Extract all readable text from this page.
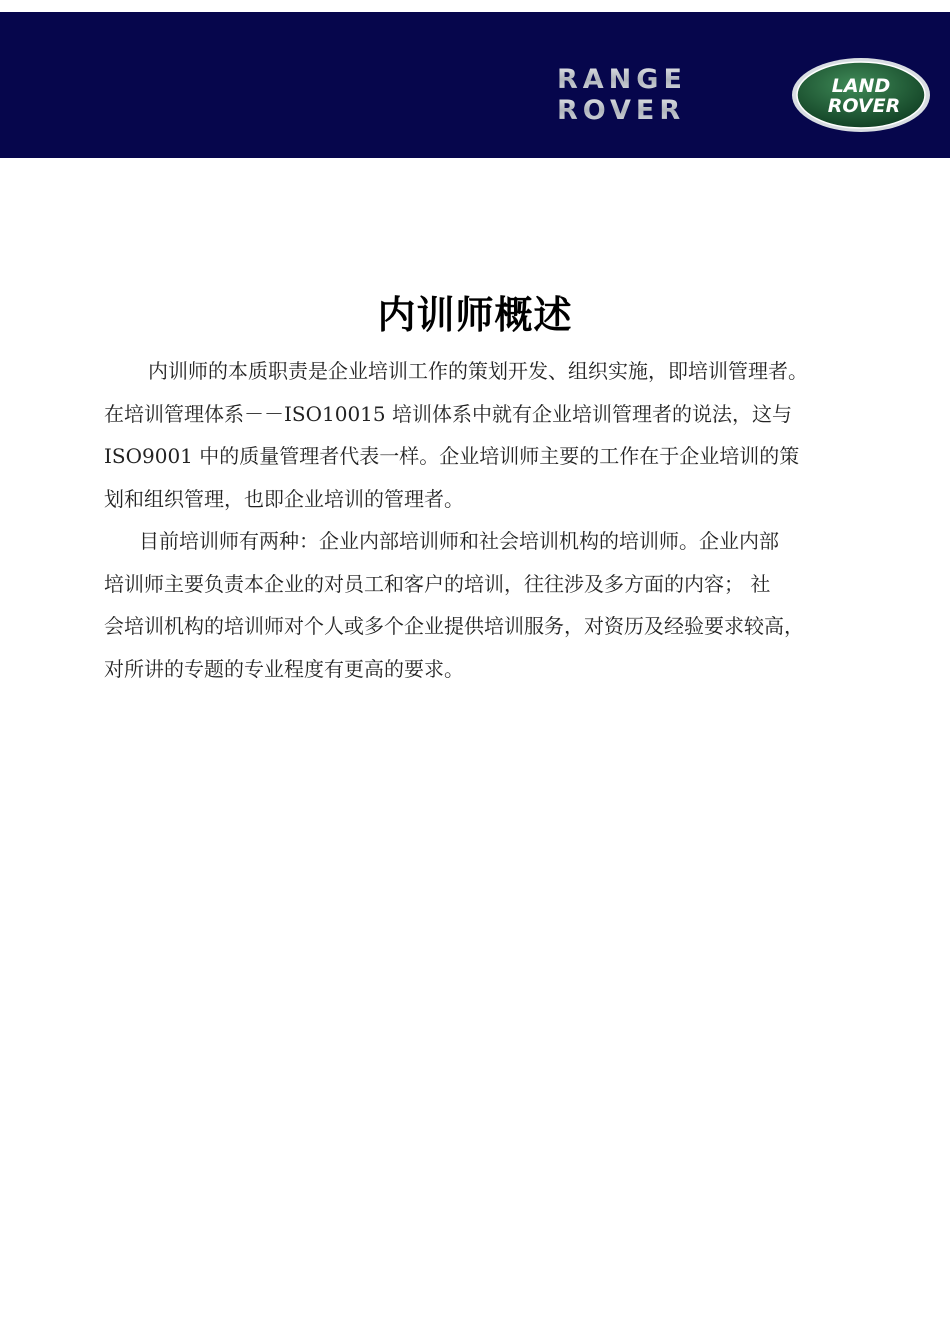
RANGE
ROVER
LAND
ROVER
内训师概述
内训师的本质职责是企业培训工作的策划开发、组织实施，即培训管理者。
在培训管理体系－－ISO10015 培训体系中就有企业培训管理者的说法，这与
ISO9001 中的质量管理者代表一样。企业培训师主要的工作在于企业培训的策
划和组织管理，也即企业培训的管理者。
目前培训师有两种：企业内部培训师和社会培训机构的培训师。企业内部
培训师主要负责本企业的对员工和客户的培训，往往涉及多方面的内容； 社
会培训机构的培训师对个人或多个企业提供培训服务，对资历及经验要求较高，
对所讲的专题的专业程度有更高的要求。
